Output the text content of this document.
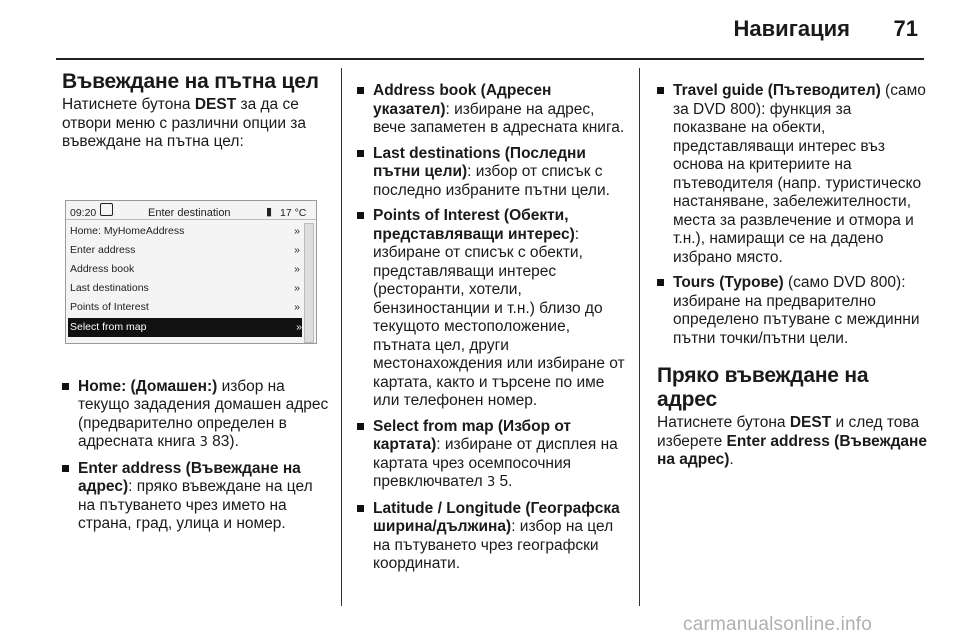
Навигация 71
Въвеждане на пътна цел

Натиснете бутона DEST за да се отвори меню с различни опции за въвеждане на пътна цел:

09:20	Enter destination	▮ 17 °C
Home: MyHomeAddress	»
Enter address	»
Address book	»
Last destinations	»
Points of Interest	»
Select from map	»
Home: (Домашен:) избор на текущо зададения домашен адрес (предварително определен в адресната книга 3 83).
Enter address (Въвеждане на адрес): пряко въвеждане на цел на пътуването чрез името на страна, град, улица и номер.
Address book (Адресен указател): избиране на адрес, вече запаметен в адресната книга.
Last destinations (Последни пътни цели): избор от списък с последно избраните пътни цели.
Points of Interest (Обекти, представляващи интерес): избиране от списък с обекти, представляващи интерес (ресторанти, хотели, бензиностанции и т.н.) близо до текущото местоположение, пътната цел, други местонахождения или избиране от картата, както и търсене по име или телефонен номер.
Select from map (Избор от картата): избиране от дисплея на картата чрез осемпосочния превключвател 3 5.
Latitude / Longitude (Географска ширина/дължина): избор на цел на пътуването чрез географски координати.
Travel guide (Пътеводител) (само за DVD 800): функция за показване на обекти, представляващи интерес въз основа на критериите на пътеводителя (напр. туристическо настаняване, забележителности, места за развлечение и отмора и т.н.), намиращи се на дадено избрано място.
Tours (Турове) (само DVD 800): избиране на предварително определено пътуване с междинни пътни точки/пътни цели.
Пряко въвеждане на адрес

Натиснете бутона DEST и след това изберете Enter address (Въвеждане на адрес).

carmanualsonline.info
